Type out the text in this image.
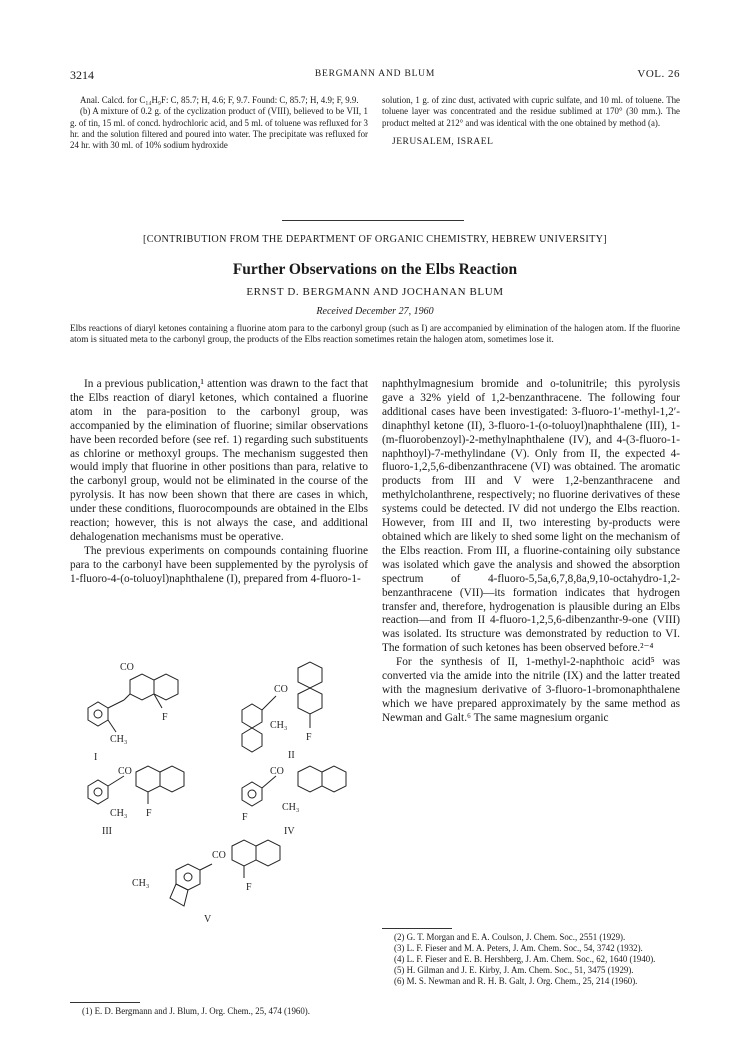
3214	BERGMANN AND BLUM	VOL. 26

Anal. Calcd. for C₁₄H₉F: C, 85.7; H, 4.6; F, 9.7. Found: C, 85.7; H, 4.9; F, 9.9.

(b) A mixture of 0.2 g. of the cyclization product of (VIII), believed to be VII, 1 g. of tin, 15 ml. of concd. hydrochloric acid, and 5 ml. of toluene was refluxed for 3 hr. and the solution filtered and poured into water. The precipitate was refluxed for 24 hr. with 30 ml. of 10% sodium hydroxide

solution, 1 g. of zinc dust, activated with cupric sulfate, and 10 ml. of toluene. The toluene layer was concentrated and the residue sublimed at 170° (30 mm.). The product melted at 212° and was identical with the one obtained by method (a).

JERUSALEM, ISRAEL

[CONTRIBUTION FROM THE DEPARTMENT OF ORGANIC CHEMISTRY, HEBREW UNIVERSITY]
Further Observations on the Elbs Reaction
ERNST D. BERGMANN AND JOCHANAN BLUM
Received December 27, 1960
Elbs reactions of diaryl ketones containing a fluorine atom para to the carbonyl group (such as I) are accompanied by elimination of the halogen atom. If the fluorine atom is situated meta to the carbonyl group, the products of the Elbs reaction sometimes retain the halogen atom, sometimes lose it.

In a previous publication,¹ attention was drawn to the fact that the Elbs reaction of diaryl ketones, which contained a fluorine atom in the para-position to the carbonyl group, was accompanied by the elimination of fluorine; similar observations have been recorded before (see ref. 1) regarding such substituents as chlorine or methoxyl groups. The mechanism suggested then would imply that fluorine in other positions than para, relative to the carbonyl group, would not be eliminated in the course of the pyrolysis. It has now been shown that there are cases in which, under these conditions, fluorocompounds are obtained in the Elbs reaction; however, this is not always the case, and additional dehalogenation mechanisms must be operative.

The previous experiments on compounds containing fluorine para to the carbonyl have been supplemented by the pyrolysis of 1-fluoro-4-(o-toluoyl)naphthalene (I), prepared from 4-fluoro-1-

CO
CH₃
F
I
CO
CH₃
F
II
CO
CH₃ F
III
CO
CH₃
F
IV
CO
CH₃	F
V

(1) E. D. Bergmann and J. Blum, J. Org. Chem., 25, 474 (1960).

naphthylmagnesium bromide and o-tolunitrile; this pyrolysis gave a 32% yield of 1,2-benzanthracene. The following four additional cases have been investigated: 3-fluoro-1′-methyl-1,2′-dinaphthyl ketone (II), 3-fluoro-1-(o-toluoyl)naphthalene (III), 1-(m-fluorobenzoyl)-2-methylnaphthalene (IV), and 4-(3-fluoro-1-naphthoyl)-7-methylindane (V). Only from II, the expected 4-fluoro-1,2,5,6-dibenzanthracene (VI) was obtained. The aromatic products from III and V were 1,2-benzanthracene and methylcholanthrene, respectively; no fluorine derivatives of these systems could be detected. IV did not undergo the Elbs reaction. However, from III and II, two interesting by-products were obtained which are likely to shed some light on the mechanism of the Elbs reaction. From III, a fluorine-containing oily substance was isolated which gave the analysis and showed the absorption spectrum of 4-fluoro-5,5a,6,7,8,8a,9,10-octahydro-1,2-benzanthracene (VII)—its formation indicates that hydrogen transfer and, therefore, hydrogenation is plausible during an Elbs reaction—and from II 4-fluoro-1,2,5,6-dibenzanthr-9-one (VIII) was isolated. Its structure was demonstrated by reduction to VI. The formation of such ketones has been observed before.²⁻⁴

For the synthesis of II, 1-methyl-2-naphthoic acid⁵ was converted via the amide into the nitrile (IX) and the latter treated with the magnesium derivative of 3-fluoro-1-bromonaphthalene which we have prepared approximately by the same method as Newman and Galt.⁶ The same magnesium organic

(2) G. T. Morgan and E. A. Coulson, J. Chem. Soc., 2551 (1929).

(3) L. F. Fieser and M. A. Peters, J. Am. Chem. Soc., 54, 3742 (1932).

(4) L. F. Fieser and E. B. Hershberg, J. Am. Chem. Soc., 62, 1640 (1940).

(5) H. Gilman and J. E. Kirby, J. Am. Chem. Soc., 51, 3475 (1929).

(6) M. S. Newman and R. H. B. Galt, J. Org. Chem., 25, 214 (1960).
